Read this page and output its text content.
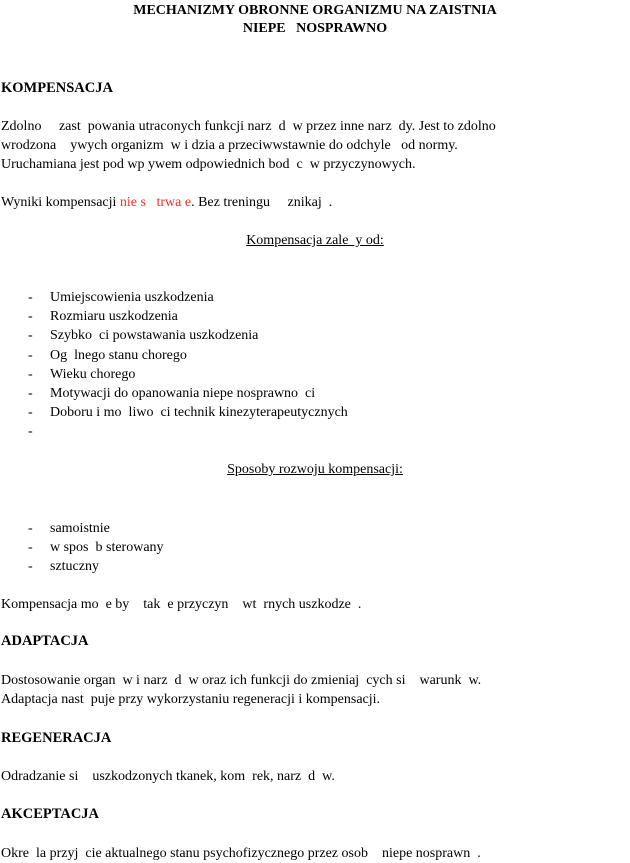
MECHANIZMY OBRONNE ORGANIZMU NA ZAISTNIA
NIEPE   NOSPRAWNO
KOMPENSACJA
Zdolno     zast  powania utraconych funkcji narz  d  w przez inne narz  dy. Jest to zdolno
wrodzona    ywych organizm  w i dzia a przeciwwstawnie do odchyle   od normy.
Uruchamiana jest pod wp ywem odpowiednich bod  c  w przyczynowych.
Wyniki kompensacji nie s   trwa e. Bez treningu     znikaj  .
Kompensacja zale  y od:
- Umiejscowienia uszkodzenia
- Rozmiaru uszkodzenia
- Szybko  ci powstawania uszkodzenia
- Og  lnego stanu chorego
- Wieku chorego
- Motywacji do opanowania niepe nosprawno  ci
- Doboru i mo  liwo  ci technik kinezyterapeutycznych
-
Sposoby rozwoju kompensacji:
- samoistnie
- w spos  b sterowany
- sztuczny
Kompensacja mo  e by    tak  e przyczyn    wt  rnych uszkodze  .
ADAPTACJA
Dostosowanie organ  w i narz  d  w oraz ich funkcji do zmieniaj  cych si    warunk  w.
Adaptacja nast  puje przy wykorzystaniu regeneracji i kompensacji.
REGENERACJA
Odradzanie si    uszkodzonych tkanek, kom  rek, narz  d  w.
AKCEPTACJA
Okre  la przyj  cie aktualnego stanu psychofizycznego przez osob    niepe nosprawn  .
